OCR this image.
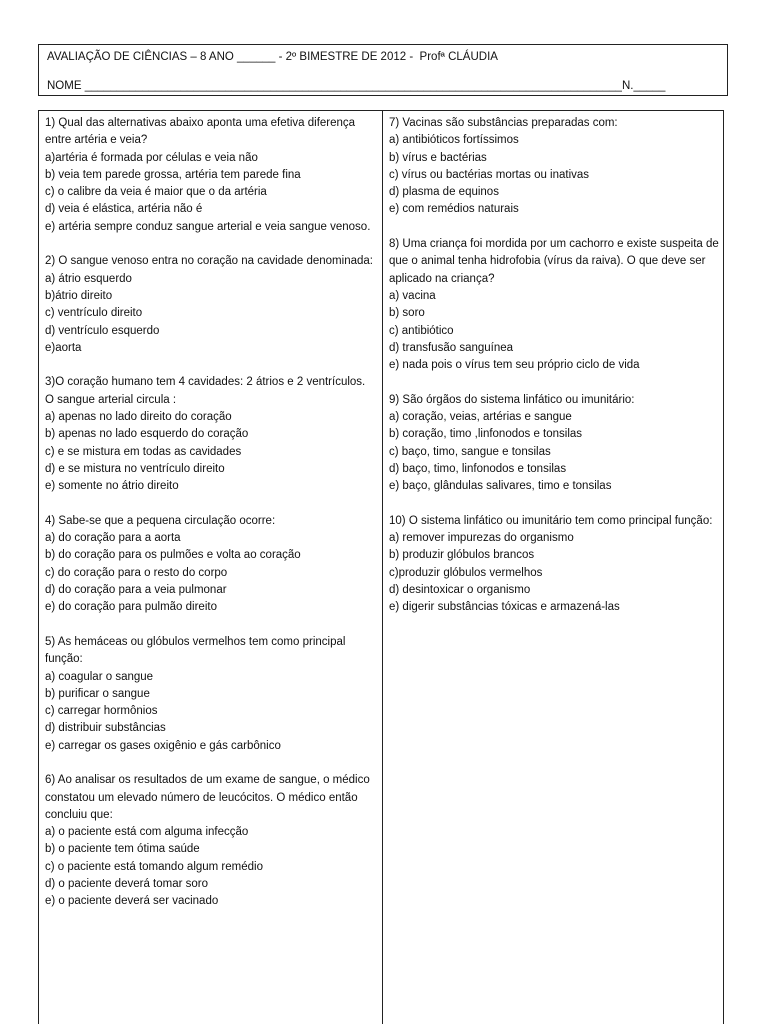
AVALIAÇÃO DE CIÊNCIAS – 8 ANO ______ - 2º BIMESTRE DE 2012 -  Profª CLÁUDIA
NOME ____________________________________________________________________________________N._____

1) Qual das alternativas abaixo aponta uma efetiva diferença entre artéria e veia?

a)artéria é formada por células e veia não

b) veia tem parede grossa, artéria tem parede fina

c) o calibre da veia é maior que o da artéria

d) veia é elástica, artéria não é

e) artéria sempre conduz sangue arterial e veia sangue venoso.

2) O sangue venoso entra no coração na cavidade denominada:

a) átrio esquerdo

b)átrio direito

c) ventrículo direito

d) ventrículo esquerdo

e)aorta

3)O coração humano tem 4 cavidades: 2 átrios e 2 ventrículos. O sangue arterial circula :

a) apenas no lado direito do coração

b) apenas no lado esquerdo do coração

c) e se mistura em todas as cavidades

d) e se mistura no ventrículo direito

e) somente no átrio direito

4) Sabe-se que a pequena circulação ocorre:

a) do coração para a aorta

b) do coração para os pulmões e volta ao coração

c) do coração para o resto do corpo

d) do coração para a veia pulmonar

e) do coração para pulmão direito

5) As hemáceas ou glóbulos vermelhos tem como principal função:

a) coagular o sangue

b) purificar o sangue

c) carregar hormônios

d) distribuir substâncias

e) carregar os gases oxigênio e gás carbônico

6) Ao analisar os resultados de um exame de sangue, o médico constatou um elevado número de leucócitos. O médico então concluiu que:

a) o paciente está com alguma infecção

b) o paciente tem ótima saúde

c) o paciente está tomando algum remédio

d) o paciente deverá tomar soro

e) o paciente deverá ser vacinado

7) Vacinas são substâncias preparadas com:

a) antibióticos fortíssimos

b) vírus e bactérias

c) vírus ou bactérias mortas ou inativas

d) plasma de equinos

e) com remédios naturais

8) Uma criança foi mordida por um cachorro e existe suspeita de que o animal tenha hidrofobia (vírus da raiva). O que deve ser aplicado na criança?

a) vacina

b) soro

c) antibiótico

d) transfusão sanguínea

e) nada pois o vírus tem seu próprio ciclo de vida

9) São órgãos do sistema linfático ou imunitário:

a) coração, veias, artérias e sangue

b) coração, timo ,linfonodos e tonsilas

c) baço, timo, sangue e tonsilas

d) baço, timo, linfonodos e tonsilas

e) baço, glândulas salivares, timo e tonsilas

10) O sistema linfático ou imunitário tem como principal função:

a) remover impurezas do organismo

b) produzir glóbulos brancos

c)produzir glóbulos vermelhos

d) desintoxicar o organismo

e) digerir substâncias tóxicas e armazená-las
